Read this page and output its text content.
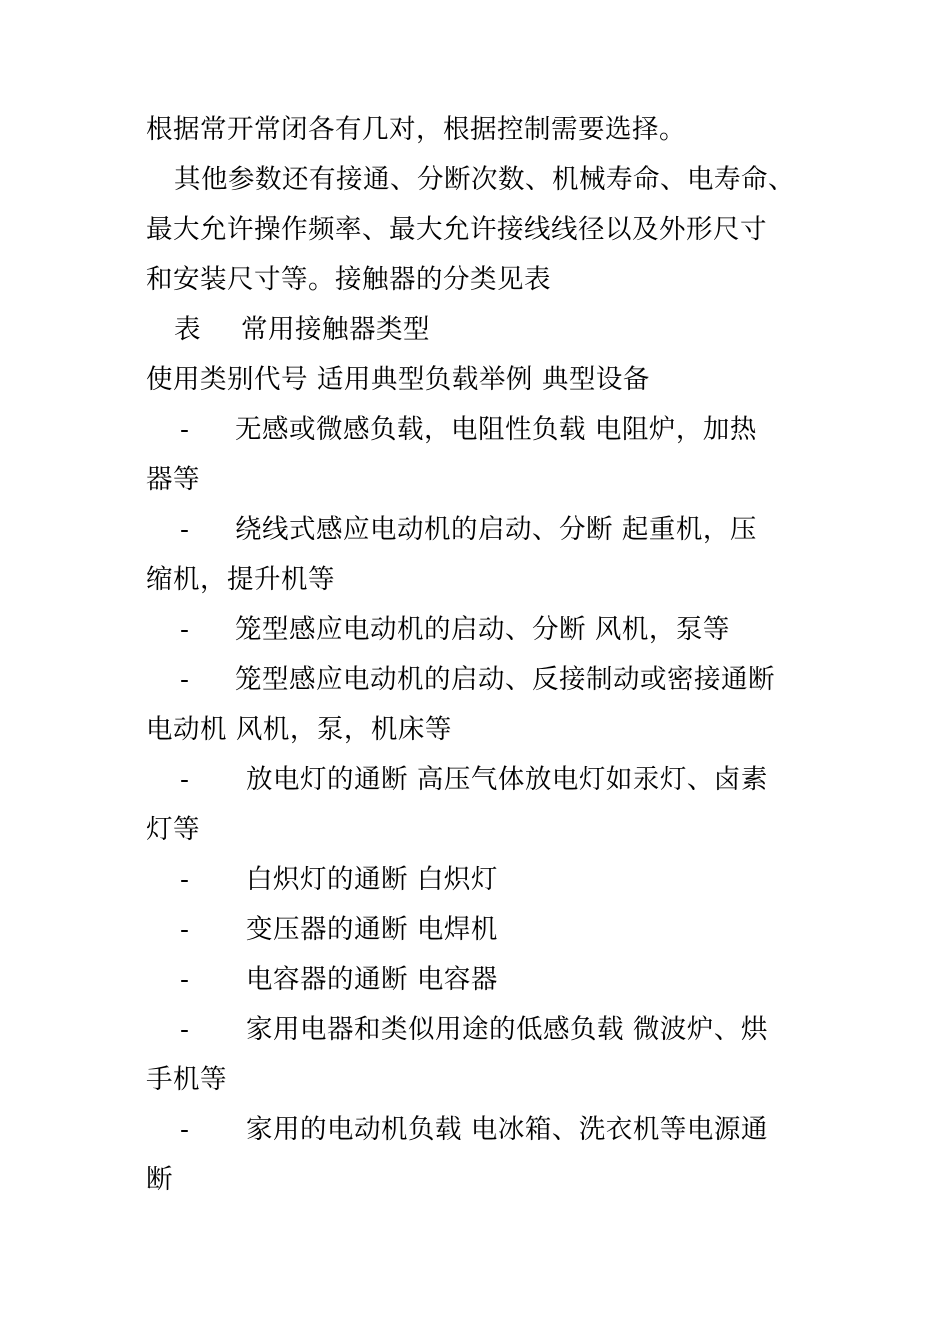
根据常开常闭各有几对，根据控制需要选择。
其他参数还有接通、分断次数、机械寿命、电寿命、
最大允许操作频率、最大允许接线线径以及外形尺寸
和安装尺寸等。接触器的分类见表
表 常用接触器类型
使用类别代号 适用典型负载举例 典型设备
-	无感或微感负载，电阻性负载 电阻炉，加热
器等
-	绕线式感应电动机的启动、分断 起重机，压
缩机，提升机等
-	笼型感应电动机的启动、分断 风机，泵等
-	笼型感应电动机的启动、反接制动或密接通断
电动机 风机，泵，机床等
-	放电灯的通断 高压气体放电灯如汞灯、卤素
灯等
-	白炽灯的通断 白炽灯
-	变压器的通断 电焊机
-	电容器的通断 电容器
-	家用电器和类似用途的低感负载 微波炉、烘
手机等
-	家用的电动机负载 电冰箱、洗衣机等电源通
断
